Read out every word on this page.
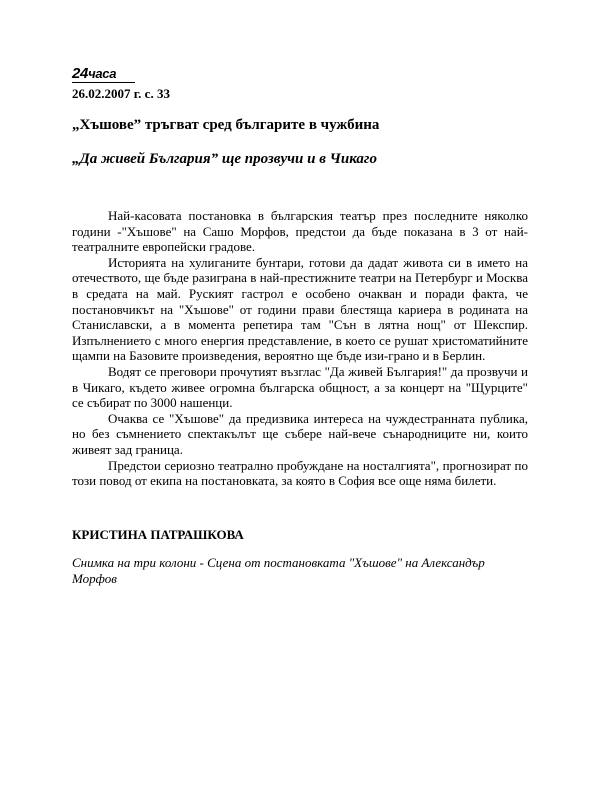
24часа
26.02.2007 г. с. 33
„Хъшове” тръгват сред българите в чужбина
„Да живей България” ще прозвучи и в Чикаго

Най-касовата постановка в българския театър през последните няколко години -"Хъшове" на Сашо Морфов, предстои да бъде показана в 3 от най-театралните европейски градове.

Историята на хулиганите бунтари, готови да дадат живота си в името на отечеството, ще бъде разиграна в най-престижните театри на Петербург и Москва в средата на май. Руският гастрол е особено очакван и поради факта, че постановчикът на "Хъшове" от години прави блестяща кариера в родината на Станиславски, а в момента репетира там "Сън в лятна нощ" от Шекспир. Изпълнението с много енергия представление, в което се рушат христоматийните щампи на Базовите произведения, вероятно ще бъде изи-грано и в Берлин.

Водят се преговори прочутият възглас "Да живей България!" да прозвучи и в Чикаго, където живее огромна българска общност, а за концерт на "Щурците" се събират по 3000 нашенци.

Очаква се "Хъшове" да предизвика интереса на чуждестранната публика, но без съмнението спектакълът ще събере най-вече сънародниците ни, които живеят зад граница.

Предстои сериозно театрално пробуждане на носталгията", прогнозират по този повод от екипа на постановката, за която в София все още няма билети.

КРИСТИНА ПАТРАШКОВА
Снимка на три колони - Сцена от постановката "Хъшове" на Александър Морфов
